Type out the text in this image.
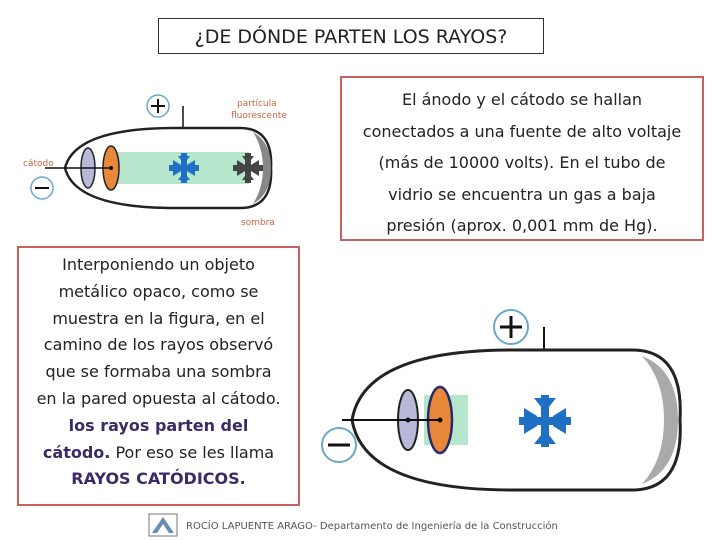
¿DE DÓNDE PARTEN LOS RAYOS?
partícula
fluorescente
cátodo
sombra
El ánodo y el cátodo se hallan
conectados a una fuente de alto voltaje
(más de 10000 volts). En el tubo de
vidrio se encuentra un gas a baja
presión (aprox. 0,001 mm de Hg).
Interponiendo un objeto
metálico opaco, como se
muestra en la figura, en el
camino de los rayos observó
que se formaba una sombra
en la pared opuesta al cátodo.
los rayos parten del
cátodo. Por eso se les llama
RAYOS CATÓDICOS.
ROCÍO LAPUENTE ARAGO- Departamento de Ingeniería de la Construcción
